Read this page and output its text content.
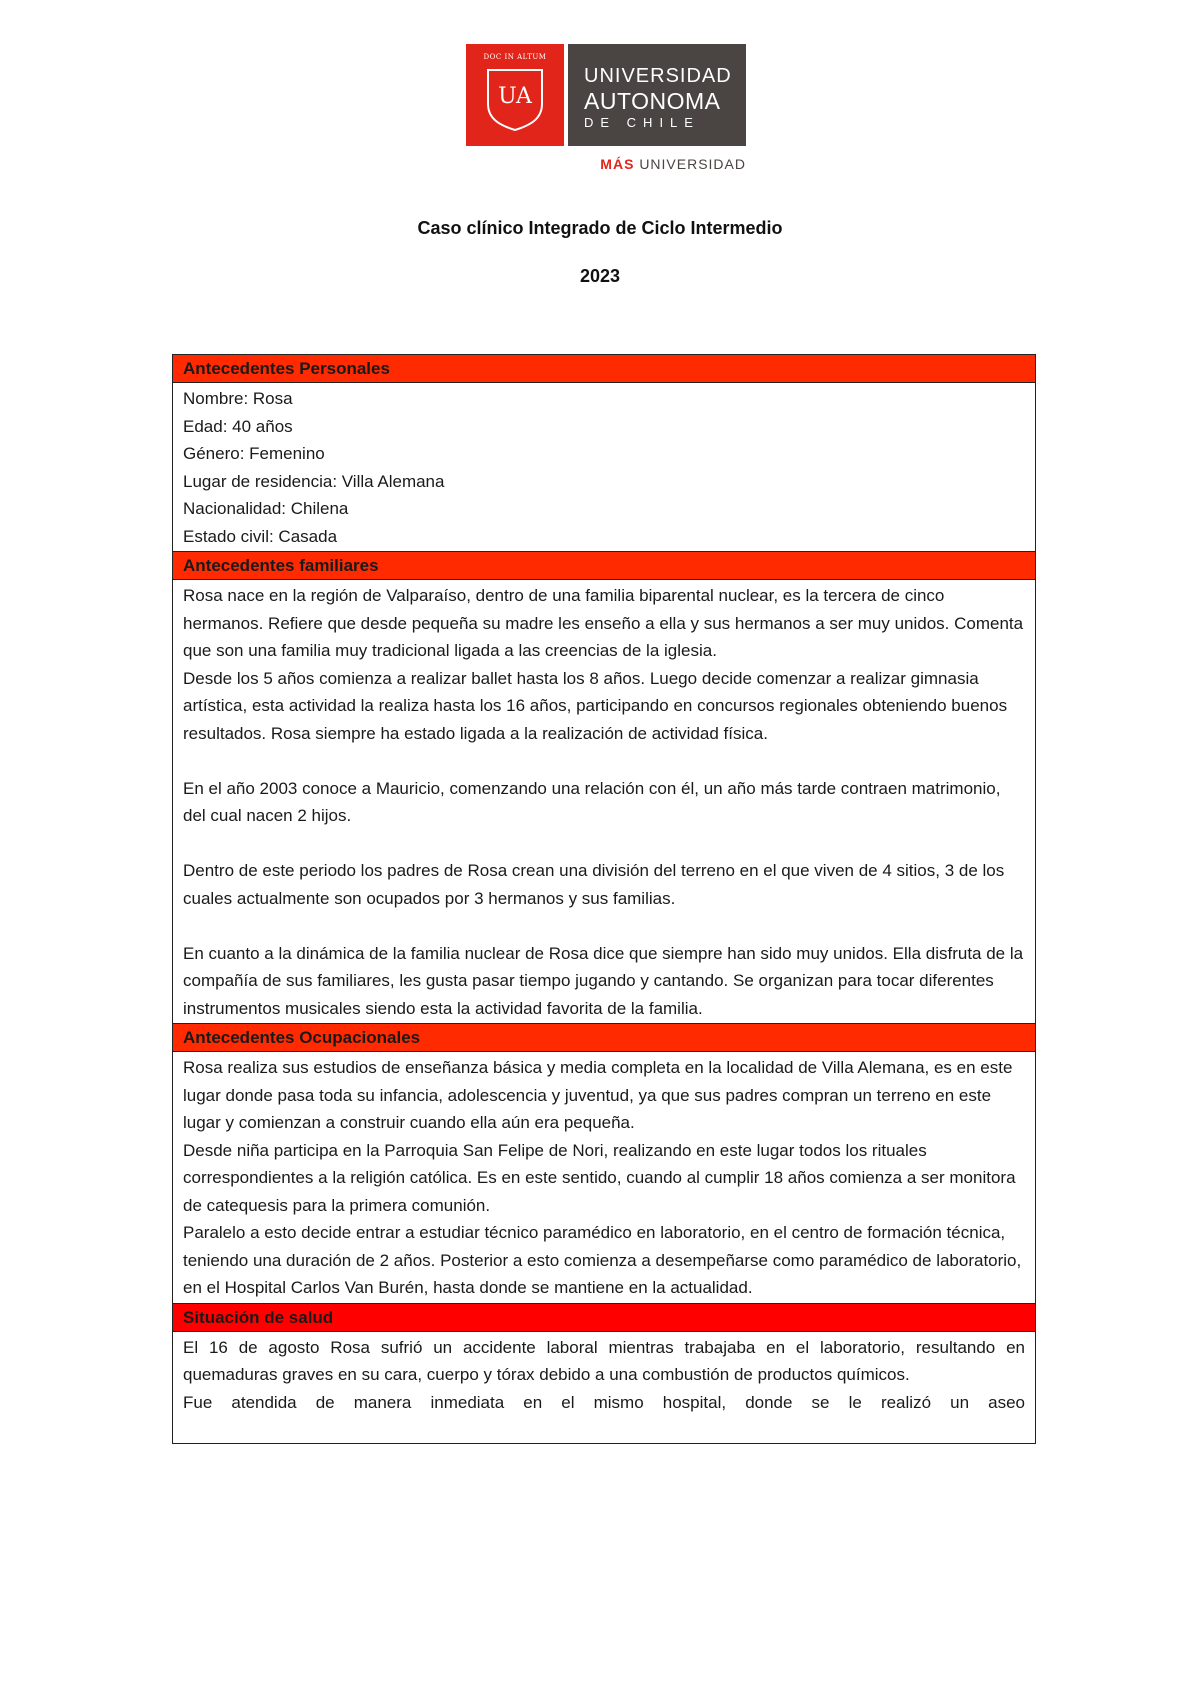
DOC IN ALTUM
UA
UNIVERSIDAD
AUTONOMA
DE CHILE
MÁS UNIVERSIDAD
Caso clínico Integrado de Ciclo Intermedio
2023
Antecedentes Personales

Nombre: Rosa

Edad: 40 años

Género: Femenino

Lugar de residencia: Villa Alemana

Nacionalidad: Chilena

Estado civil: Casada

Antecedentes familiares

Rosa nace en la región de Valparaíso, dentro de una familia biparental nuclear, es la tercera de cinco hermanos. Refiere que desde pequeña su madre les enseño a ella y sus hermanos a ser muy unidos. Comenta que son una familia muy tradicional ligada a las creencias de la iglesia.

Desde los 5 años comienza a realizar ballet hasta los 8 años. Luego decide comenzar a realizar gimnasia artística, esta actividad la realiza hasta los 16 años, participando en concursos regionales obteniendo buenos resultados. Rosa siempre ha estado ligada a la realización de actividad física.

En el año 2003 conoce a Mauricio, comenzando una relación con él, un año más tarde contraen matrimonio, del cual nacen 2 hijos.

Dentro de este periodo los padres de Rosa crean una división del terreno en el que viven de 4 sitios, 3 de los cuales actualmente son ocupados por 3 hermanos y sus familias.

En cuanto a la dinámica de la familia nuclear de Rosa dice que siempre han sido muy unidos. Ella disfruta de la compañía de sus familiares, les gusta pasar tiempo jugando y cantando. Se organizan para tocar diferentes instrumentos musicales siendo esta la actividad favorita de la familia.

Antecedentes Ocupacionales

Rosa realiza sus estudios de enseñanza básica y media completa en la localidad de Villa Alemana, es en este lugar donde pasa toda su infancia, adolescencia y juventud, ya que sus padres compran un terreno en este lugar y comienzan a construir cuando ella aún era pequeña.

Desde niña participa en la Parroquia San Felipe de Nori, realizando en este lugar todos los rituales correspondientes a la religión católica. Es en este sentido, cuando al cumplir 18 años comienza a ser monitora de catequesis para la primera comunión.

Paralelo a esto decide entrar a estudiar técnico paramédico en laboratorio, en el centro de formación técnica, teniendo una duración de 2 años. Posterior a esto comienza a desempeñarse como paramédico de laboratorio, en el Hospital Carlos Van Burén, hasta donde se mantiene en la actualidad.

Situación de salud

El 16 de agosto Rosa sufrió un accidente laboral mientras trabajaba en el laboratorio, resultando en quemaduras graves en su cara, cuerpo y tórax debido a una combustión de productos químicos.

Fue atendida de manera inmediata en el mismo hospital, donde se le realizó un aseo
